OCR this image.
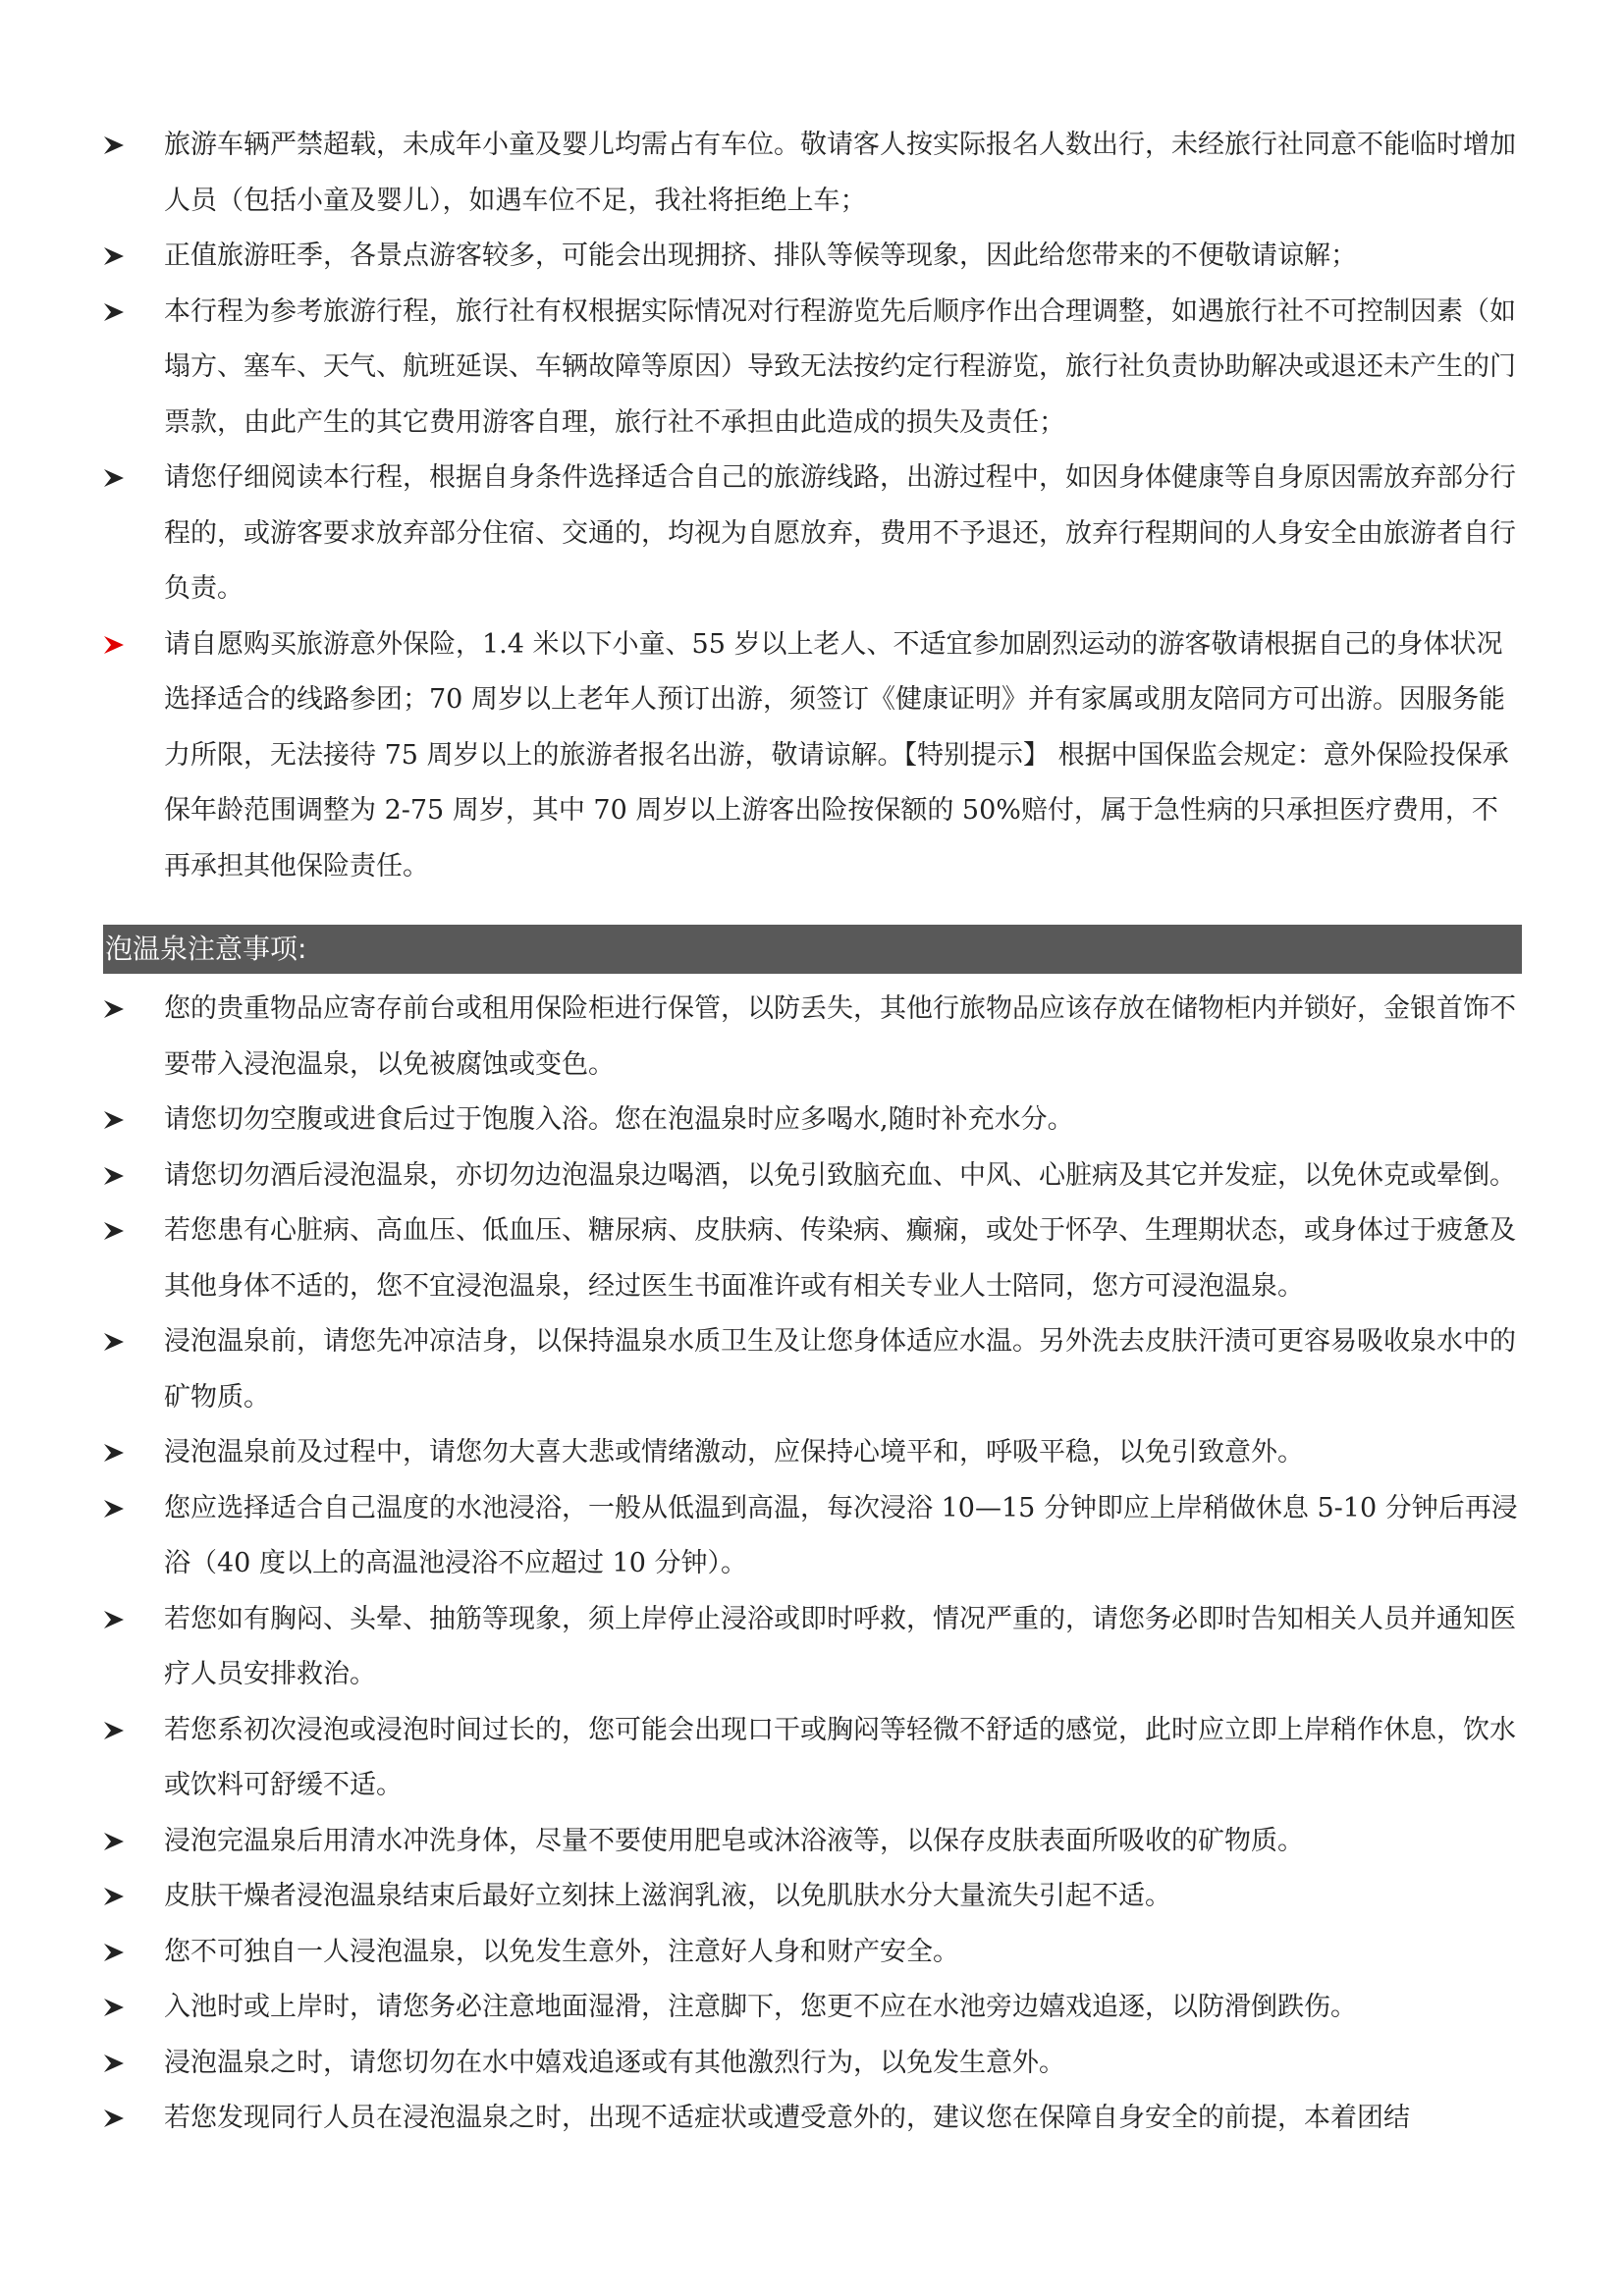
旅游车辆严禁超载，未成年小童及婴儿均需占有车位。敬请客人按实际报名人数出行，未经旅行社同意不能临时增加人员（包括小童及婴儿），如遇车位不足，我社将拒绝上车；
正值旅游旺季，各景点游客较多，可能会出现拥挤、排队等候等现象，因此给您带来的不便敬请谅解；
本行程为参考旅游行程，旅行社有权根据实际情况对行程游览先后顺序作出合理调整，如遇旅行社不可控制因素（如塌方、塞车、天气、航班延误、车辆故障等原因）导致无法按约定行程游览，旅行社负责协助解决或退还未产生的门票款，由此产生的其它费用游客自理，旅行社不承担由此造成的损失及责任；
请您仔细阅读本行程，根据自身条件选择适合自己的旅游线路，出游过程中，如因身体健康等自身原因需放弃部分行程的，或游客要求放弃部分住宿、交通的，均视为自愿放弃，费用不予退还，放弃行程期间的人身安全由旅游者自行负责。
请自愿购买旅游意外保险，1.4 米以下小童、55 岁以上老人、不适宜参加剧烈运动的游客敬请根据自己的身体状况选择适合的线路参团；70 周岁以上老年人预订出游，须签订《健康证明》并有家属或朋友陪同方可出游。因服务能力所限，无法接待 75 周岁以上的旅游者报名出游，敬请谅解。【特别提示】 根据中国保监会规定：意外保险投保承保年龄范围调整为 2-75 周岁，其中 70 周岁以上游客出险按保额的 50%赔付，属于急性病的只承担医疗费用，不再承担其他保险责任。
泡温泉注意事项:
您的贵重物品应寄存前台或租用保险柜进行保管，以防丢失，其他行旅物品应该存放在储物柜内并锁好，金银首饰不要带入浸泡温泉，以免被腐蚀或变色。
请您切勿空腹或进食后过于饱腹入浴。您在泡温泉时应多喝水,随时补充水分。
请您切勿酒后浸泡温泉，亦切勿边泡温泉边喝酒，以免引致脑充血、中风、心脏病及其它并发症，以免休克或晕倒。
若您患有心脏病、高血压、低血压、糖尿病、皮肤病、传染病、癫痫，或处于怀孕、生理期状态，或身体过于疲惫及其他身体不适的，您不宜浸泡温泉，经过医生书面准许或有相关专业人士陪同，您方可浸泡温泉。
浸泡温泉前，请您先冲凉洁身，以保持温泉水质卫生及让您身体适应水温。另外洗去皮肤汗渍可更容易吸收泉水中的矿物质。
浸泡温泉前及过程中，请您勿大喜大悲或情绪激动，应保持心境平和，呼吸平稳，以免引致意外。
您应选择适合自己温度的水池浸浴，一般从低温到高温，每次浸浴 10—15 分钟即应上岸稍做休息 5-10 分钟后再浸浴（40 度以上的高温池浸浴不应超过 10 分钟）。
若您如有胸闷、头晕、抽筋等现象，须上岸停止浸浴或即时呼救，情况严重的，请您务必即时告知相关人员并通知医疗人员安排救治。
若您系初次浸泡或浸泡时间过长的，您可能会出现口干或胸闷等轻微不舒适的感觉，此时应立即上岸稍作休息，饮水或饮料可舒缓不适。
浸泡完温泉后用清水冲洗身体，尽量不要使用肥皂或沐浴液等，以保存皮肤表面所吸收的矿物质。
皮肤干燥者浸泡温泉结束后最好立刻抹上滋润乳液，以免肌肤水分大量流失引起不适。
您不可独自一人浸泡温泉，以免发生意外，注意好人身和财产安全。
入池时或上岸时，请您务必注意地面湿滑，注意脚下，您更不应在水池旁边嬉戏追逐，以防滑倒跌伤。
浸泡温泉之时，请您切勿在水中嬉戏追逐或有其他激烈行为，以免发生意外。
若您发现同行人员在浸泡温泉之时，出现不适症状或遭受意外的，建议您在保障自身安全的前提，本着团结
